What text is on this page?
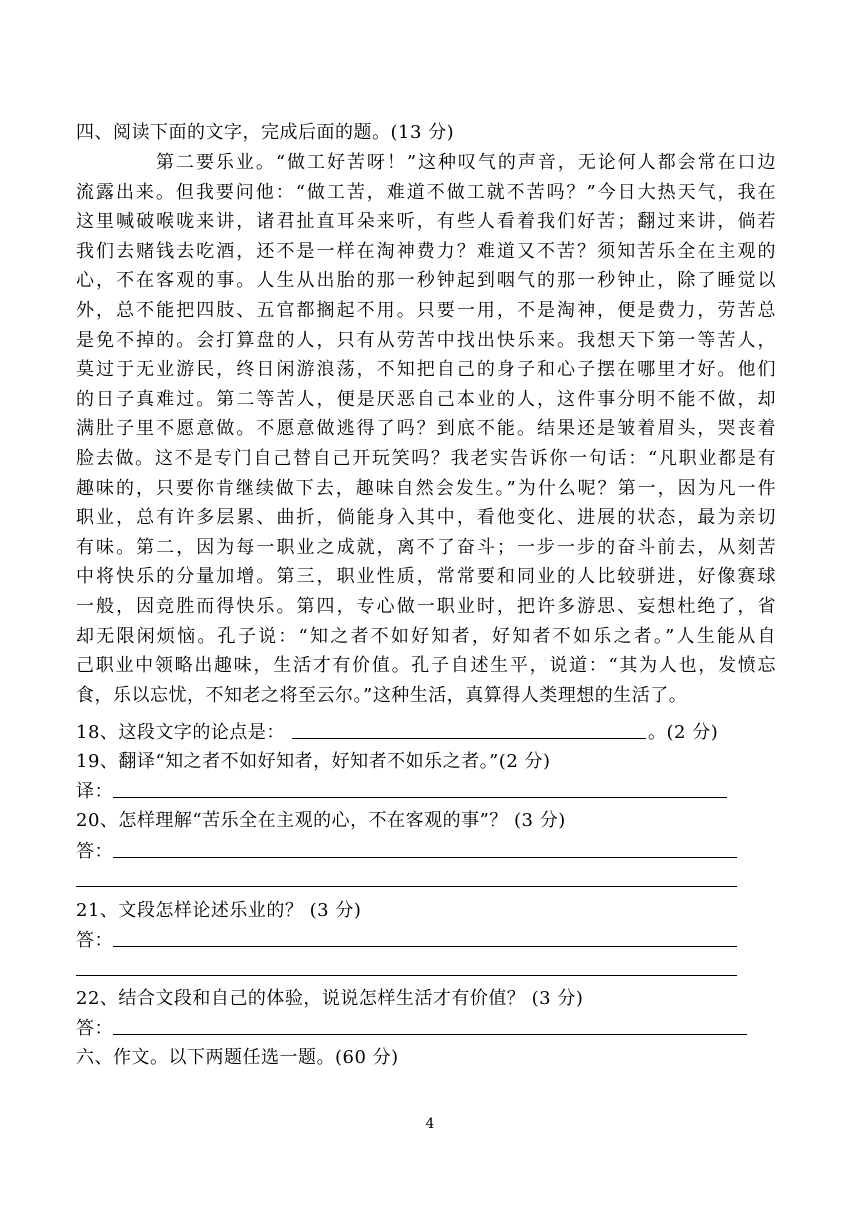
四、阅读下面的文字，完成后面的题。(13 分)
第二要乐业。“做工好苦呀！”这种叹气的声音，无论何人都会常在口边
流露出来。但我要问他：“做工苦，难道不做工就不苦吗？”今日大热天气，我在
这里喊破喉咙来讲，诸君扯直耳朵来听，有些人看着我们好苦；翻过来讲，倘若
我们去赌钱去吃酒，还不是一样在淘神费力？难道又不苦？须知苦乐全在主观的
心，不在客观的事。人生从出胎的那一秒钟起到咽气的那一秒钟止，除了睡觉以
外，总不能把四肢、五官都搁起不用。只要一用，不是淘神，便是费力，劳苦总
是免不掉的。会打算盘的人，只有从劳苦中找出快乐来。我想天下第一等苦人，
莫过于无业游民，终日闲游浪荡，不知把自己的身子和心子摆在哪里才好。他们
的日子真难过。第二等苦人，便是厌恶自己本业的人，这件事分明不能不做，却
满肚子里不愿意做。不愿意做逃得了吗？到底不能。结果还是皱着眉头，哭丧着
脸去做。这不是专门自己替自己开玩笑吗？我老实告诉你一句话：“凡职业都是有
趣味的，只要你肯继续做下去，趣味自然会发生。”为什么呢？第一，因为凡一件
职业，总有许多层累、曲折，倘能身入其中，看他变化、进展的状态，最为亲切
有味。第二，因为每一职业之成就，离不了奋斗；一步一步的奋斗前去，从刻苦
中将快乐的分量加增。第三，职业性质，常常要和同业的人比较骈进，好像赛球
一般，因竞胜而得快乐。第四，专心做一职业时，把许多游思、妄想杜绝了，省
却无限闲烦恼。孔子说：“知之者不如好知者，好知者不如乐之者。”人生能从自
己职业中领略出趣味，生活才有价值。孔子自述生平，说道：“其为人也，发愤忘
食，乐以忘忧，不知老之将至云尔。”这种生活，真算得人类理想的生活了。
18、这段文字的论点是：	。(2 分)
19、翻译“知之者不如好知者，好知者不如乐之者。”(2 分)
译：
20、怎样理解“苦乐全在主观的心，不在客观的事”？ (3 分)
答：
21、文段怎样论述乐业的？ (3 分)
答：
22、结合文段和自己的体验，说说怎样生活才有价值？ (3 分)
答：
六、作文。以下两题任选一题。(60 分)
4
